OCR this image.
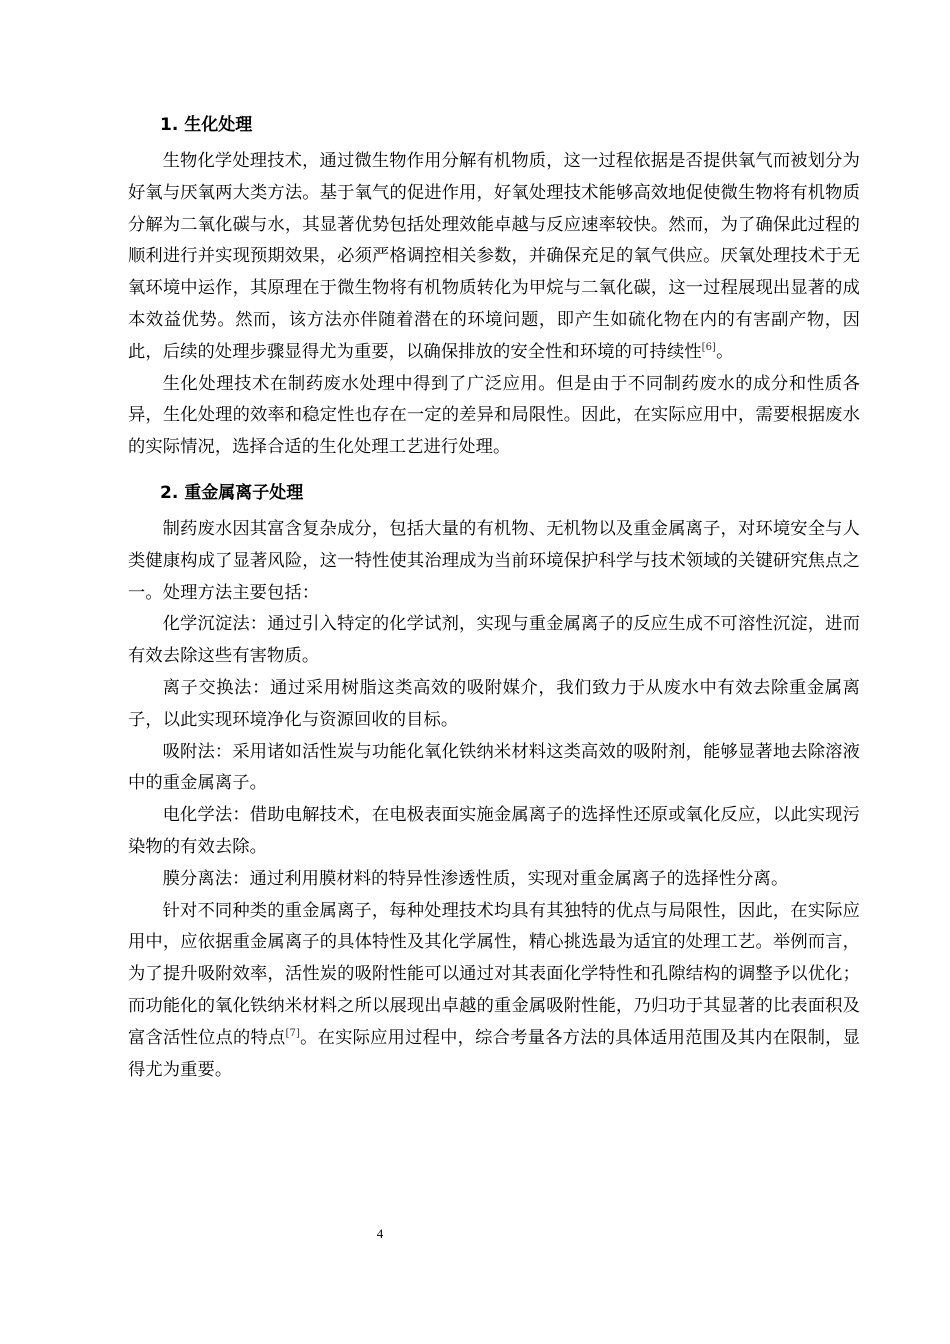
1. 生化处理

生物化学处理技术，通过微生物作用分解有机物质，这一过程依据是否提供氧气而被划分为好氧与厌氧两大类方法。基于氧气的促进作用，好氧处理技术能够高效地促使微生物将有机物质分解为二氧化碳与水，其显著优势包括处理效能卓越与反应速率较快。然而，为了确保此过程的顺利进行并实现预期效果，必须严格调控相关参数，并确保充足的氧气供应。厌氧处理技术于无氧环境中运作，其原理在于微生物将有机物质转化为甲烷与二氧化碳，这一过程展现出显著的成本效益优势。然而，该方法亦伴随着潜在的环境问题，即产生如硫化物在内的有害副产物，因此，后续的处理步骤显得尤为重要，以确保排放的安全性和环境的可持续性[6]。

生化处理技术在制药废水处理中得到了广泛应用。但是由于不同制药废水的成分和性质各异，生化处理的效率和稳定性也存在一定的差异和局限性。因此，在实际应用中，需要根据废水的实际情况，选择合适的生化处理工艺进行处理。

2. 重金属离子处理

制药废水因其富含复杂成分，包括大量的有机物、无机物以及重金属离子，对环境安全与人类健康构成了显著风险，这一特性使其治理成为当前环境保护科学与技术领域的关键研究焦点之一。处理方法主要包括：

化学沉淀法：通过引入特定的化学试剂，实现与重金属离子的反应生成不可溶性沉淀，进而有效去除这些有害物质。

离子交换法：通过采用树脂这类高效的吸附媒介，我们致力于从废水中有效去除重金属离子，以此实现环境净化与资源回收的目标。

吸附法：采用诸如活性炭与功能化氧化铁纳米材料这类高效的吸附剂，能够显著地去除溶液中的重金属离子。

电化学法：借助电解技术，在电极表面实施金属离子的选择性还原或氧化反应，以此实现污染物的有效去除。

膜分离法：通过利用膜材料的特异性渗透性质，实现对重金属离子的选择性分离。

针对不同种类的重金属离子，每种处理技术均具有其独特的优点与局限性，因此，在实际应用中，应依据重金属离子的具体特性及其化学属性，精心挑选最为适宜的处理工艺。举例而言，为了提升吸附效率，活性炭的吸附性能可以通过对其表面化学特性和孔隙结构的调整予以优化；而功能化的氧化铁纳米材料之所以展现出卓越的重金属吸附性能，乃归功于其显著的比表面积及富含活性位点的特点[7]。在实际应用过程中，综合考量各方法的具体适用范围及其内在限制，显得尤为重要。

4
